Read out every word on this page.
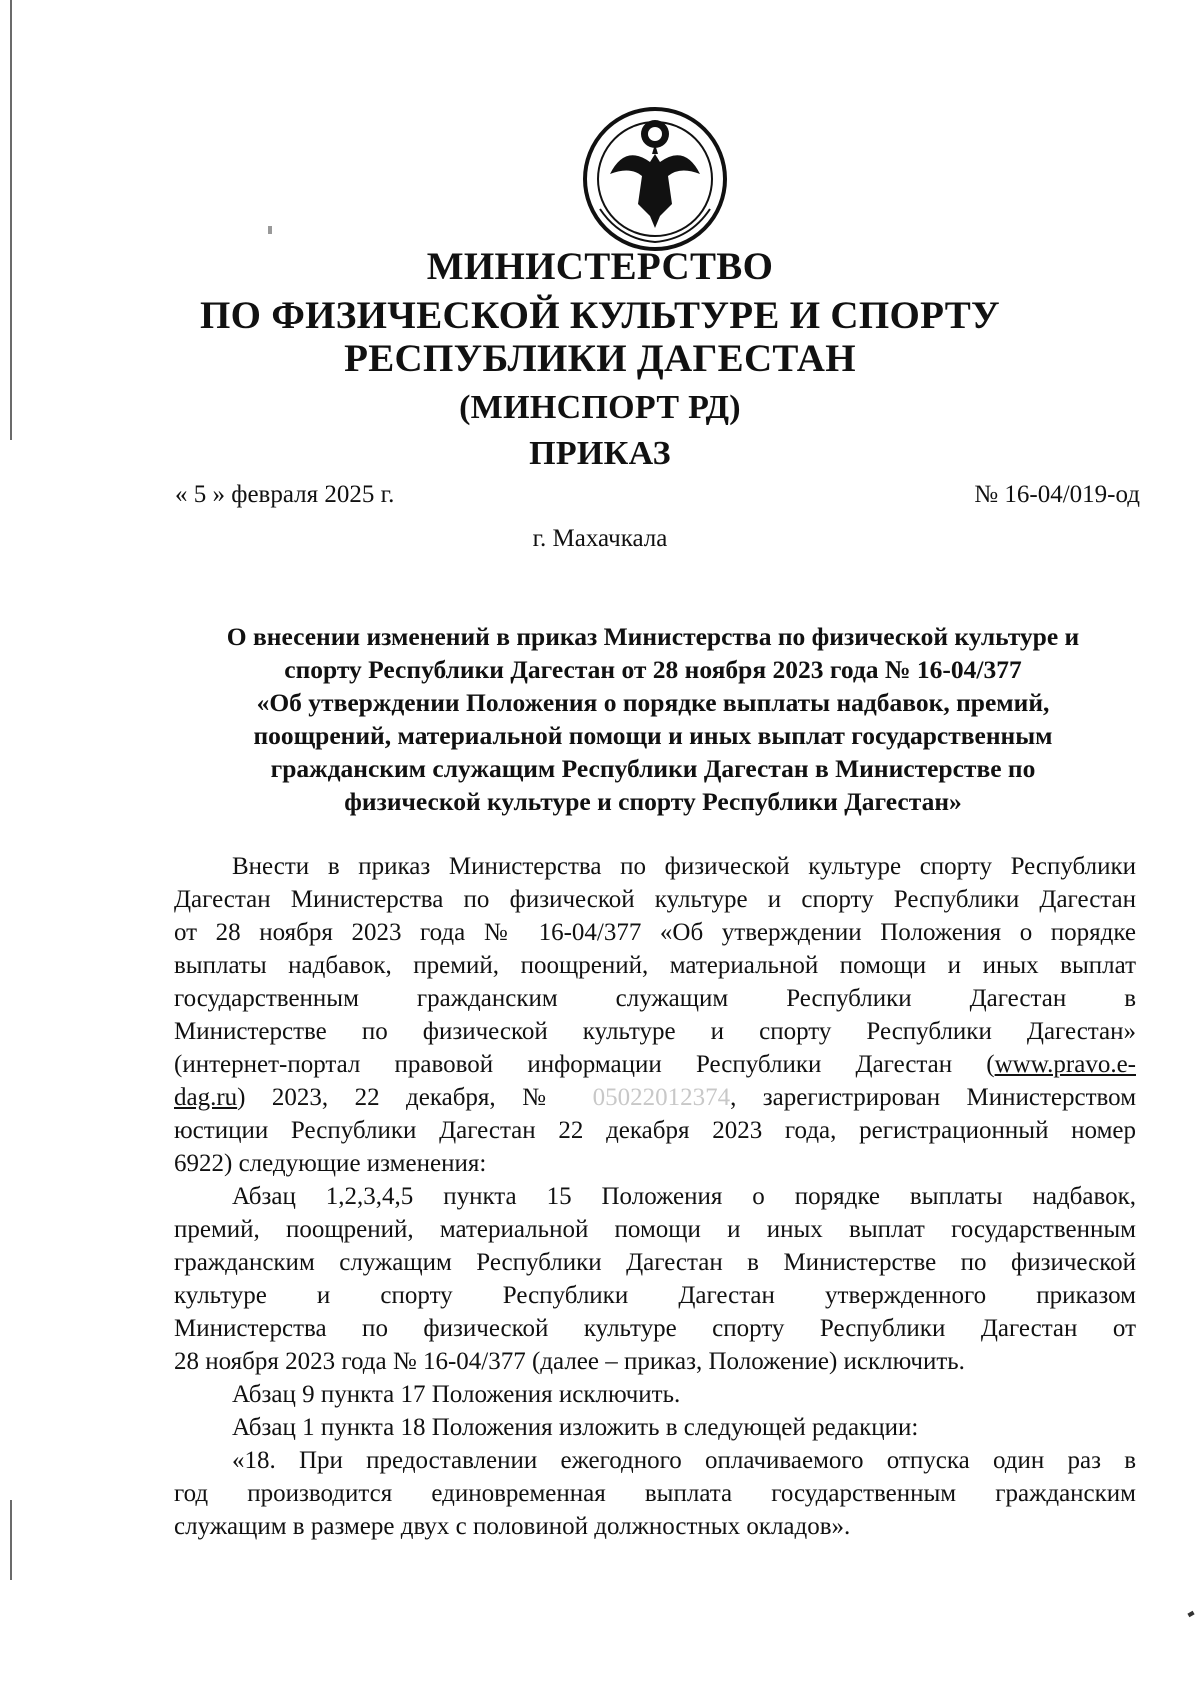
МИНИСТЕРСТВО
ПО ФИЗИЧЕСКОЙ КУЛЬТУРЕ И СПОРТУ
РЕСПУБЛИКИ ДАГЕСТАН
(МИНСПОРТ РД)
ПРИКАЗ
« 5 » февраля 2025 г.	№ 16-04/019-од
г. Махачкала
О внесении изменений в приказ Министерства по физической культуре и
спорту Республики Дагестан от 28 ноября 2023 года № 16-04/377
«Об утверждении Положения о порядке выплаты надбавок, премий,
поощрений, материальной помощи и иных выплат государственным
гражданским служащим Республики Дагестан в Министерстве по
физической культуре и спорту Республики Дагестан»
Внести в приказ Министерства по физической культуре спорту Республики
Дагестан Министерства по физической культуре и спорту Республики Дагестан
от 28 ноября 2023 года № 16-04/377 «Об утверждении Положения о порядке
выплаты надбавок, премий, поощрений, материальной помощи и иных выплат
государственным гражданским служащим Республики Дагестан в
Министерстве по физической культуре и спорту Республики Дагестан»
(интернет-портал правовой информации Республики Дагестан (www.pravo.e-
dag.ru) 2023, 22 декабря, № 05022012374, зарегистрирован Министерством
юстиции Республики Дагестан 22 декабря 2023 года, регистрационный номер
6922) следующие изменения:
Абзац 1,2,3,4,5 пункта 15 Положения о порядке выплаты надбавок,
премий, поощрений, материальной помощи и иных выплат государственным
гражданским служащим Республики Дагестан в Министерстве по физической
культуре и спорту Республики Дагестан утвержденного приказом
Министерства по физической культуре спорту Республики Дагестан от
28 ноября 2023 года № 16-04/377 (далее – приказ, Положение) исключить.
Абзац 9 пункта 17 Положения исключить.
Абзац 1 пункта 18 Положения изложить в следующей редакции:
«18. При предоставлении ежегодного оплачиваемого отпуска один раз в
год производится единовременная выплата государственным гражданским
служащим в размере двух с половиной должностных окладов».
